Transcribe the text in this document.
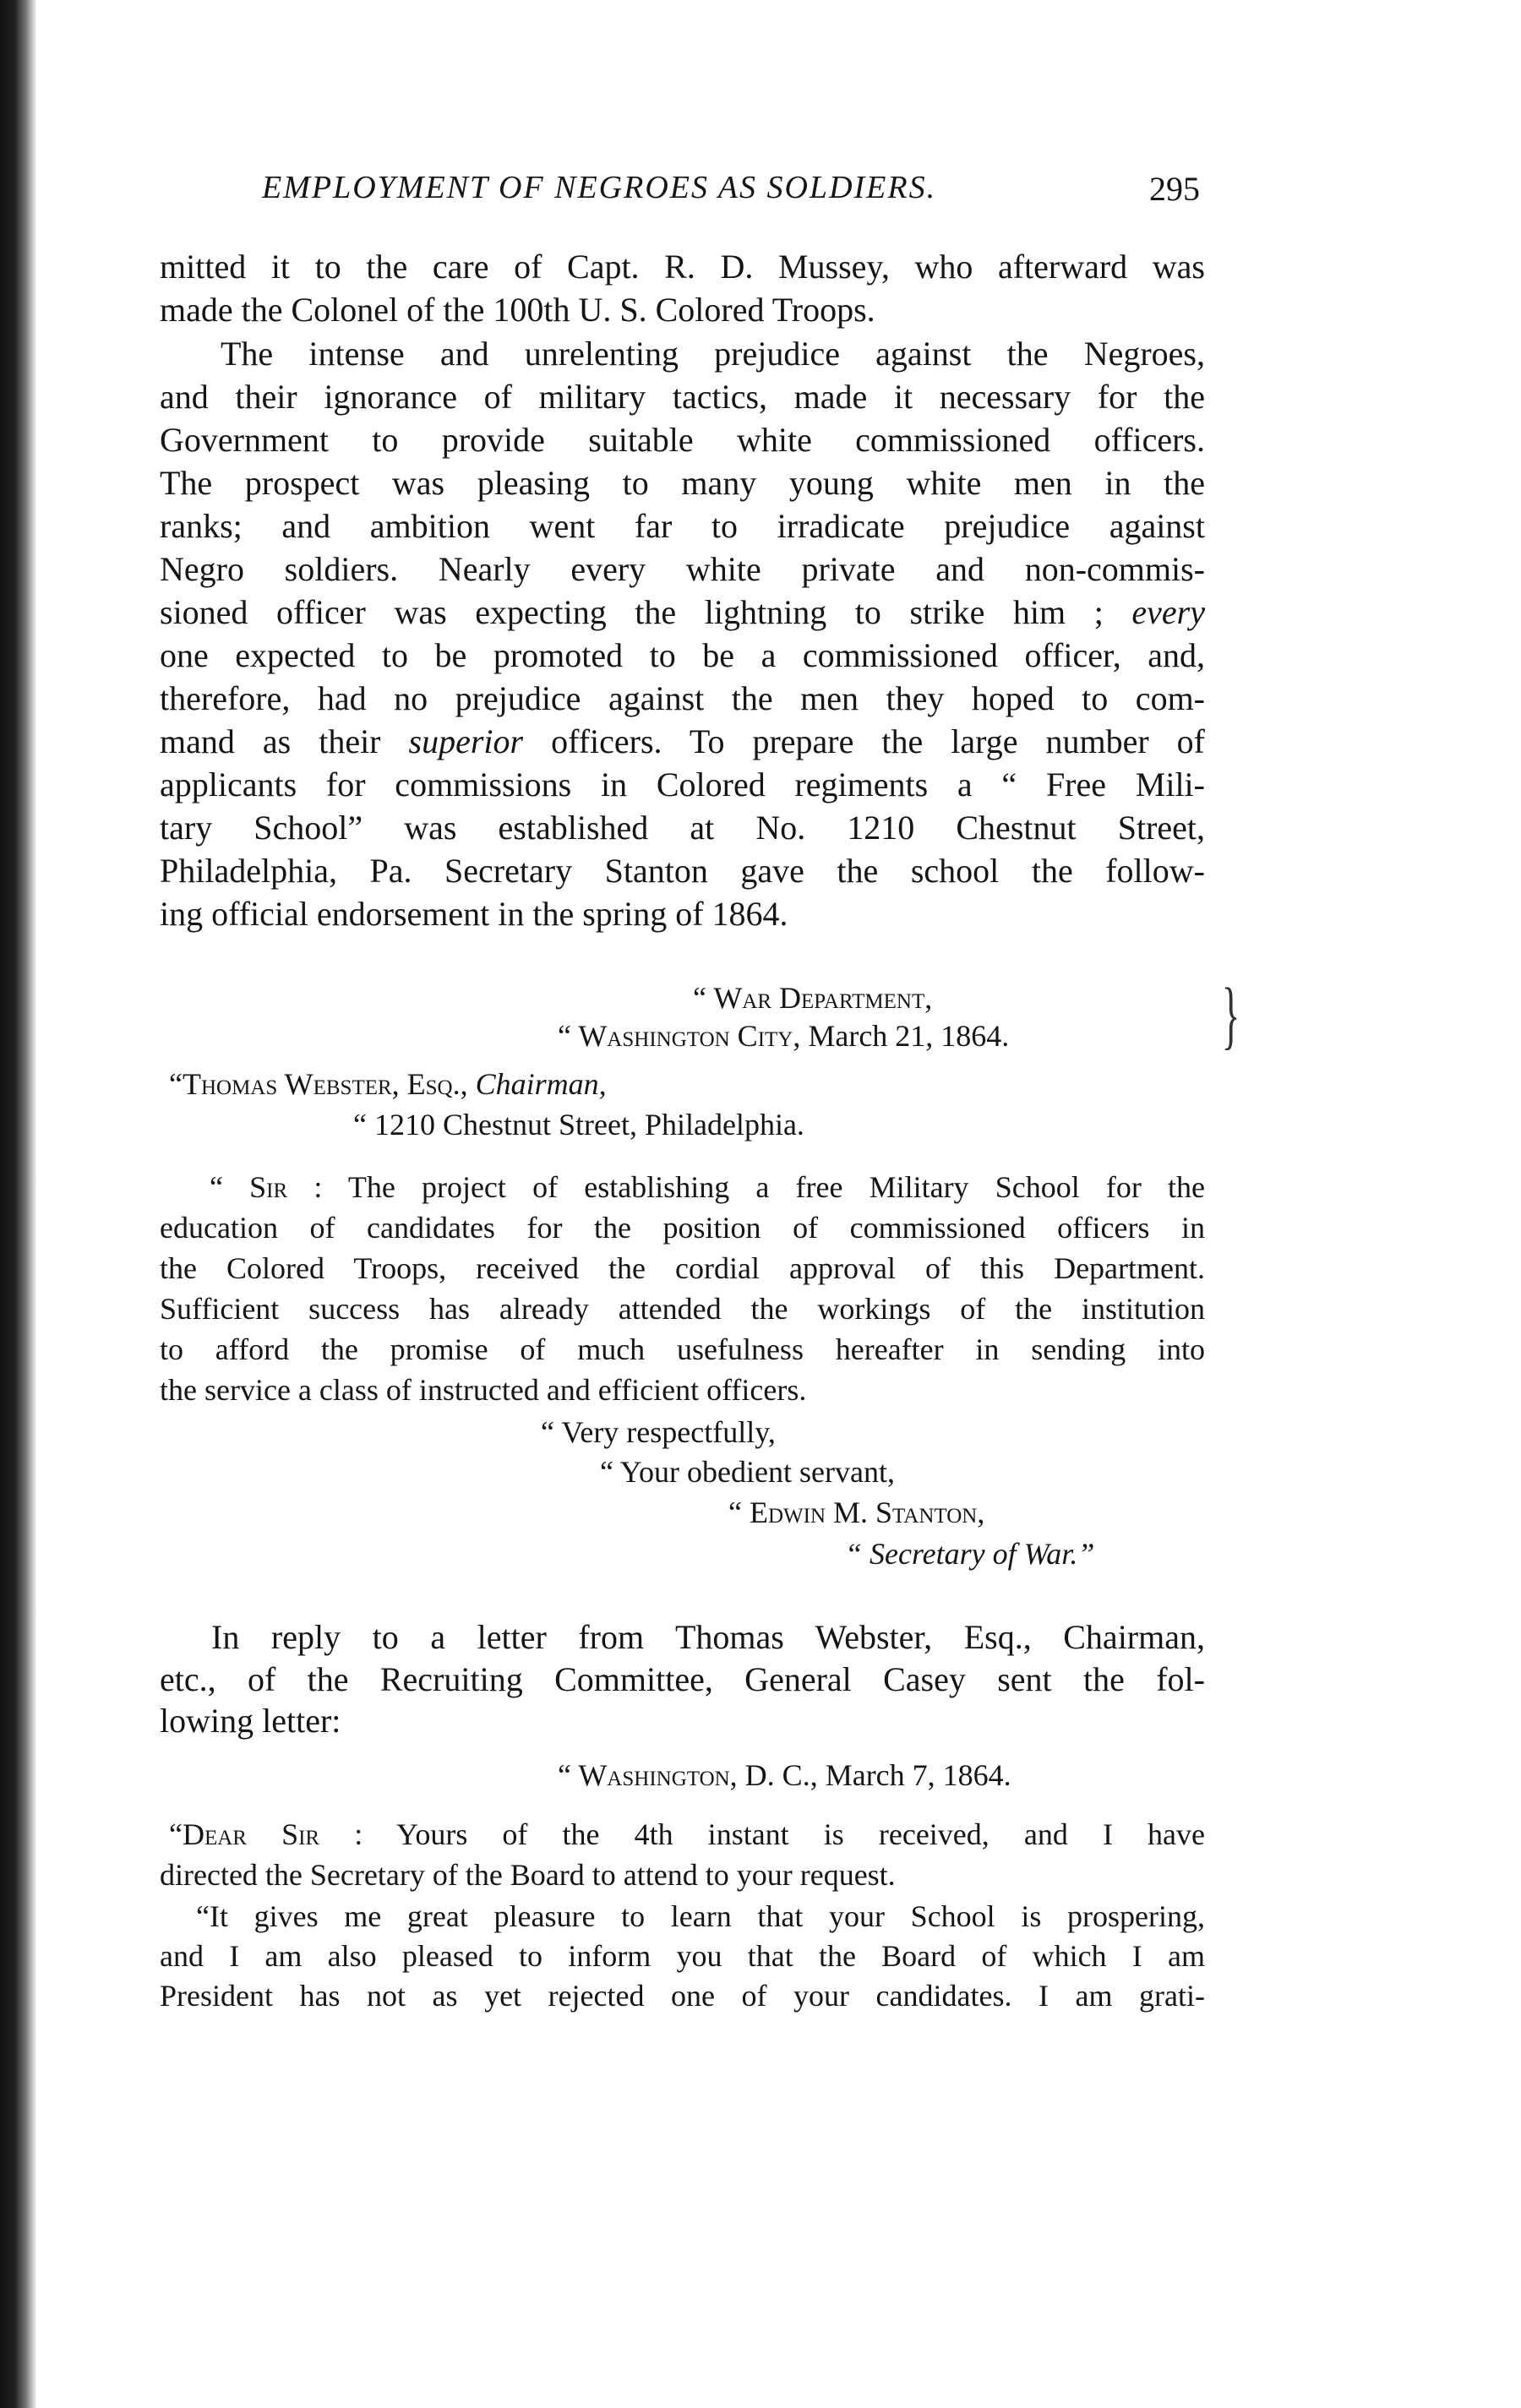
EMPLOYMENT OF NEGROES AS SOLDIERS.	295
mitted it to the care of Capt. R. D. Mussey, who afterward was
made the Colonel of the 100th U. S. Colored Troops.
The intense and unrelenting prejudice against the Negroes,
and their ignorance of military tactics, made it necessary for the
Government to provide suitable white commissioned officers.
The prospect was pleasing to many young white men in the
ranks; and ambition went far to irradicate prejudice against
Negro soldiers. Nearly every white private and non-commis-
sioned officer was expecting the lightning to strike him ; every
one expected to be promoted to be a commissioned officer, and,
therefore, had no prejudice against the men they hoped to com-
mand as their superior officers. To prepare the large number of
applicants for commissions in Colored regiments a “ Free Mili-
tary School” was established at No. 1210 Chestnut Street,
Philadelphia, Pa. Secretary Stanton gave the school the follow-
ing official endorsement in the spring of 1864.
“ War Department,
“ Washington City, March 21, 1864.
“Thomas Webster, Esq., Chairman,
“ 1210 Chestnut Street, Philadelphia.
“ Sir : The project of establishing a free Military School for the
education of candidates for the position of commissioned officers in
the Colored Troops, received the cordial approval of this Department.
Sufficient success has already attended the workings of the institution
to afford the promise of much usefulness hereafter in sending into
the service a class of instructed and efficient officers.
“ Very respectfully,
“ Your obedient servant,
“ Edwin M. Stanton,
“ Secretary of War.”
In reply to a letter from Thomas Webster, Esq., Chairman,
etc., of the Recruiting Committee, General Casey sent the fol-
lowing letter:
“ Washington, D. C., March 7, 1864.
“Dear Sir : Yours of the 4th instant is received, and I have
directed the Secretary of the Board to attend to your request.
“It gives me great pleasure to learn that your School is prospering,
and I am also pleased to inform you that the Board of which I am
President has not as yet rejected one of your candidates. I am grati-
}
